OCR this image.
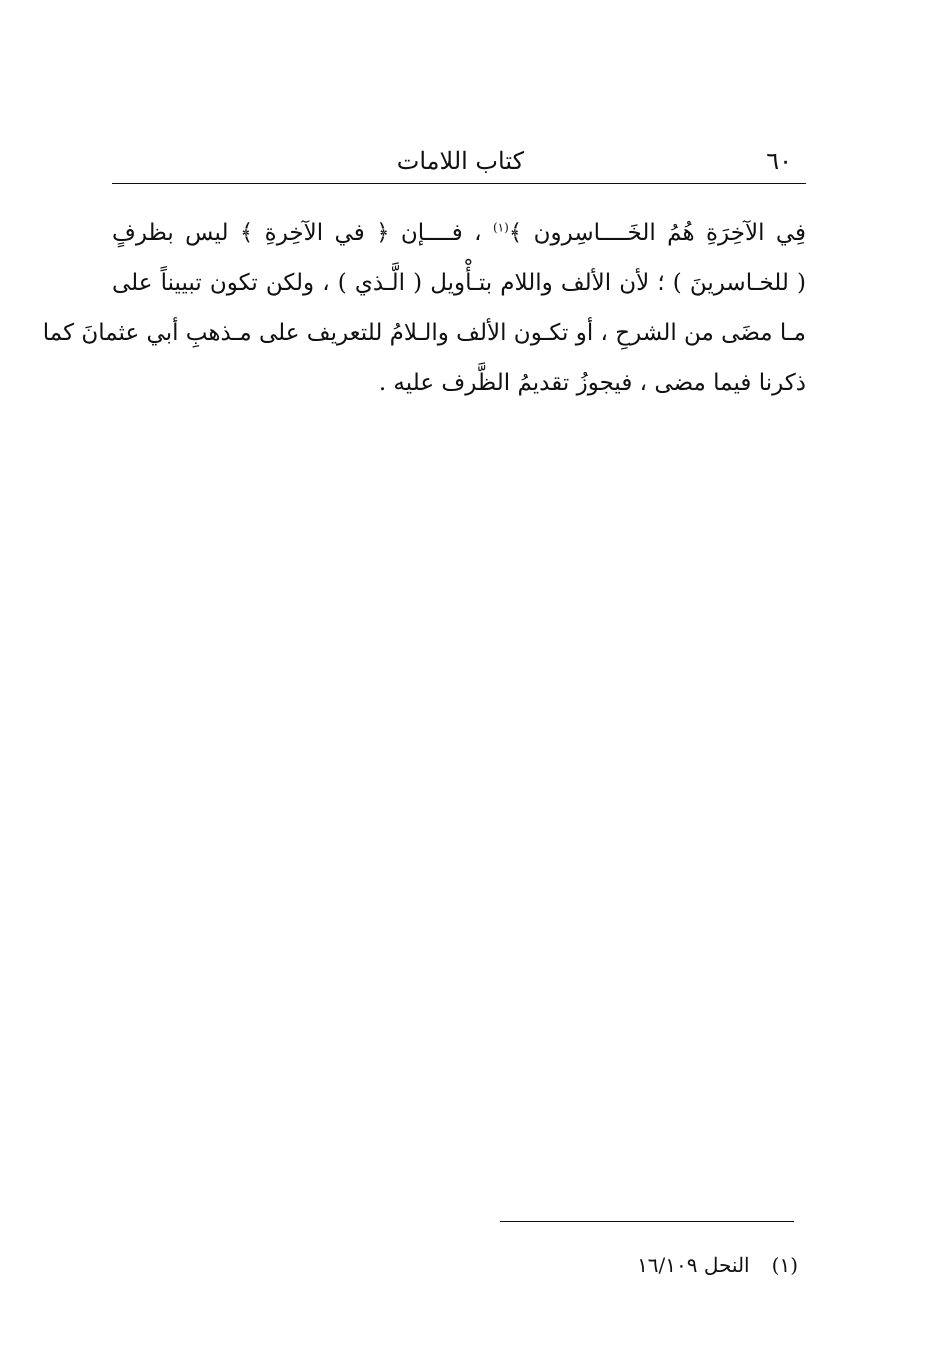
٦٠
كتاب اللامات
فِي الآخِرَةِ هُمُ الخَــــاسِرون ﴾$^{(١)}$ ، فــــإن ﴿ في الآخِرةِ ﴾ ليس بظرفٍ
( للخـاسرينَ ) ؛ لأن الألف واللام بتـأْويل ( الَّـذي ) ، ولكن تكون تبييناً على
مـا مضَى من الشرحِ ، أو تكـون الألف والـلامُ للتعريف على مـذهبِ أبي عثمانَ كما
ذكرنا فيما مضى ، فيجوزُ تقديمُ الظَّرف عليه .
(١)النحل ١٦/١٠٩
